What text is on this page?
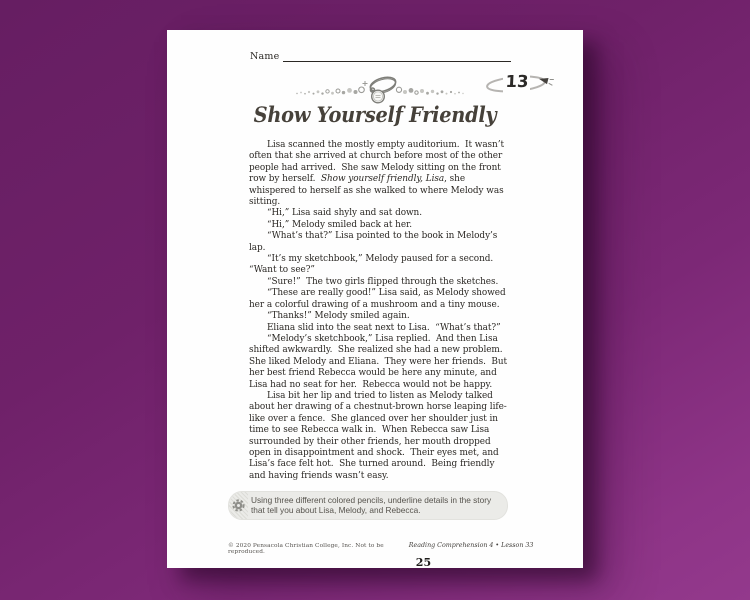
Name
13
Show Yourself Friendly

Lisa scanned the mostly empty auditorium.  It wasn’t often that she arrived at church before most of the other people had arrived.  She saw Melody sitting on the front row by herself.  Show yourself friendly, Lisa, she whispered to herself as she walked to where Melody was sitting.

“Hi,” Lisa said shyly and sat down.

“Hi,” Melody smiled back at her.

“What’s that?” Lisa pointed to the book in Melody’s lap.

“It’s my sketchbook,” Melody paused for a second.  “Want to see?”

“Sure!”  The two girls flipped through the sketches.

“These are really good!” Lisa said, as Melody showed her a colorful drawing of a mushroom and a tiny mouse.

“Thanks!” Melody smiled again.

Eliana slid into the seat next to Lisa.  “What’s that?”

“Melody’s sketchbook,” Lisa replied.  And then Lisa shifted awkwardly.  She realized she had a new problem.  She liked Melody and Eliana.  They were her friends.  But her best friend Rebecca would be here any minute, and Lisa had no seat for her.  Rebecca would not be happy.

Lisa bit her lip and tried to listen as Melody talked about her drawing of a chestnut-brown horse leaping life-like over a fence.  She glanced over her shoulder just in time to see Rebecca walk in.  When Rebecca saw Lisa surrounded by their other friends, her mouth dropped open in disappointment and shock.  Their eyes met, and Lisa’s face felt hot.  She turned around.  Being friendly and having friends wasn’t easy.

Using three different colored pencils, underline details in the story that tell you about Lisa, Melody, and Rebecca.
© 2020 Pensacola Christian College, Inc. Not to be reproduced.
Reading Comprehension 4 • Lesson 33 25
